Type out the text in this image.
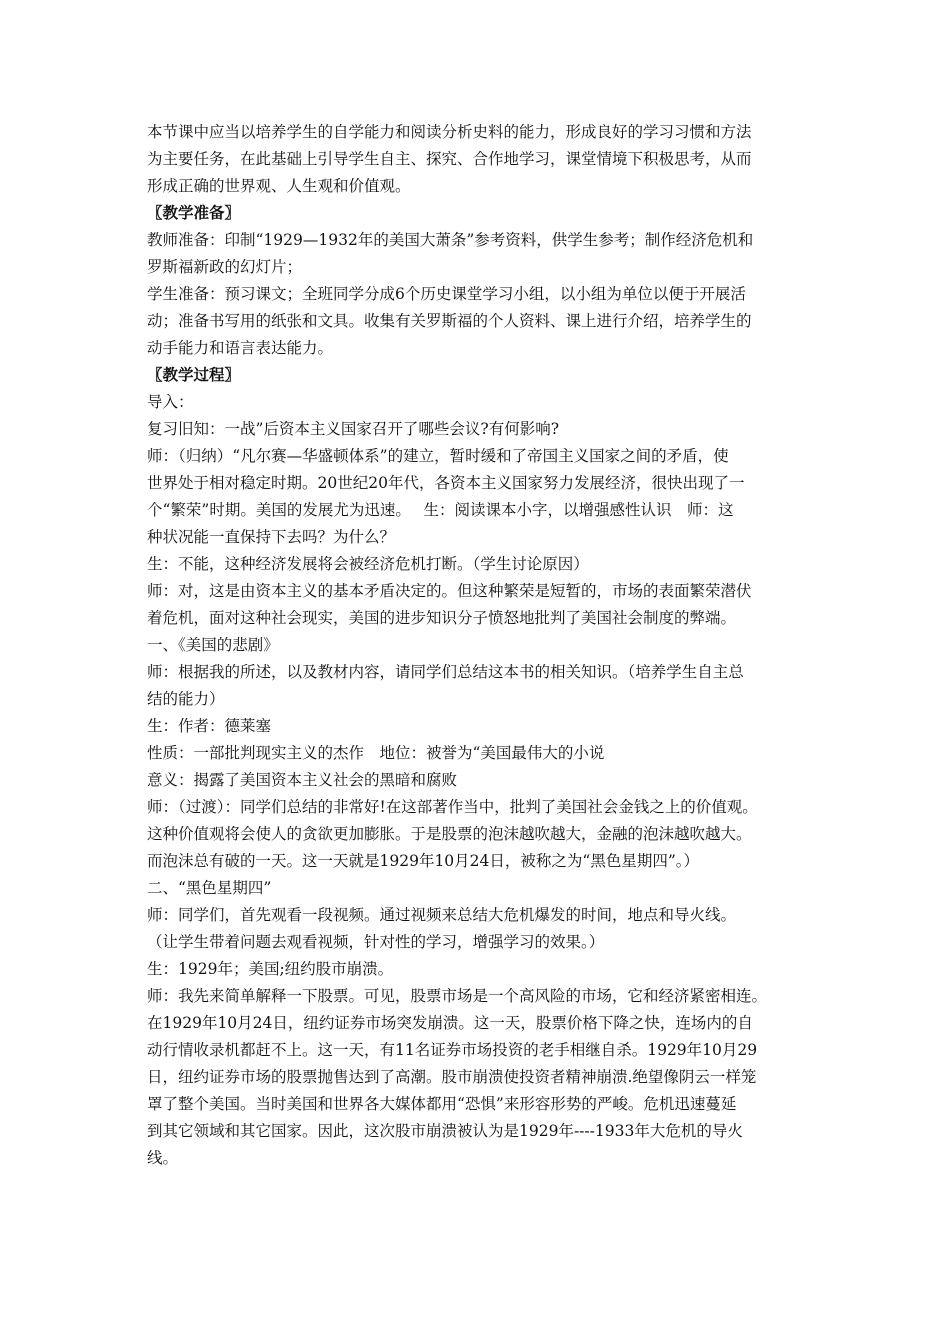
本节课中应当以培养学生的自学能力和阅读分析史料的能力，形成良好的学习习惯和方法
为主要任务，在此基础上引导学生自主、探究、合作地学习，课堂情境下积极思考，从而
形成正确的世界观、人生观和价值观。
〖教学准备〗
教师准备：印制“1929—1932年的美国大萧条”参考资料，供学生参考；制作经济危机和
罗斯福新政的幻灯片；
学生准备：预习课文；全班同学分成6个历史课堂学习小组，以小组为单位以便于开展活
动；准备书写用的纸张和文具。收集有关罗斯福的个人资料、课上进行介绍，培养学生的
动手能力和语言表达能力。
〖教学过程〗
导入：
复习旧知：一战”后资本主义国家召开了哪些会议?有何影响?
师：（归纳）“凡尔赛—华盛顿体系”的建立，暂时缓和了帝国主义国家之间的矛盾，使
世界处于相对稳定时期。20世纪20年代，各资本主义国家努力发展经济，很快出现了一
个“繁荣”时期。美国的发展尤为迅速。　 生：阅读课本小字，以增强感性认识　师：这
种状况能一直保持下去吗？为什么？
生：不能，这种经济发展将会被经济危机打断。（学生讨论原因）
师：对，这是由资本主义的基本矛盾决定的。但这种繁荣是短暂的，市场的表面繁荣潜伏
着危机，面对这种社会现实，美国的进步知识分子愤怒地批判了美国社会制度的弊端。
一、《美国的悲剧》
师：根据我的所述，以及教材内容，请同学们总结这本书的相关知识。（培养学生自主总
结的能力）
生：作者：德莱塞
性质：一部批判现实主义的杰作　地位：被誉为“美国最伟大的小说
意义：揭露了美国资本主义社会的黑暗和腐败
师：（过渡）：同学们总结的非常好!在这部著作当中，批判了美国社会金钱之上的价值观。
这种价值观将会使人的贪欲更加膨胀。于是股票的泡沫越吹越大，金融的泡沫越吹越大。
而泡沫总有破的一天。这一天就是1929年10月24日，被称之为“黑色星期四”。）
二、“黑色星期四”
师：同学们，首先观看一段视频。通过视频来总结大危机爆发的时间，地点和导火线。
（让学生带着问题去观看视频，针对性的学习，增强学习的效果。）
生：1929年；美国;纽约股市崩溃。
师：我先来简单解释一下股票。可见，股票市场是一个高风险的市场，它和经济紧密相连。
在1929年10月24日，纽约证券市场突发崩溃。这一天，股票价格下降之快，连场内的自
动行情收录机都赶不上。这一天，有11名证券市场投资的老手相继自杀。1929年10月29
日，纽约证券市场的股票抛售达到了高潮。股市崩溃使投资者精神崩溃.绝望像阴云一样笼
罩了整个美国。当时美国和世界各大媒体都用“恐惧”来形容形势的严峻。危机迅速蔓延
到其它领域和其它国家。因此，这次股市崩溃被认为是1929年----1933年大危机的导火
线。
